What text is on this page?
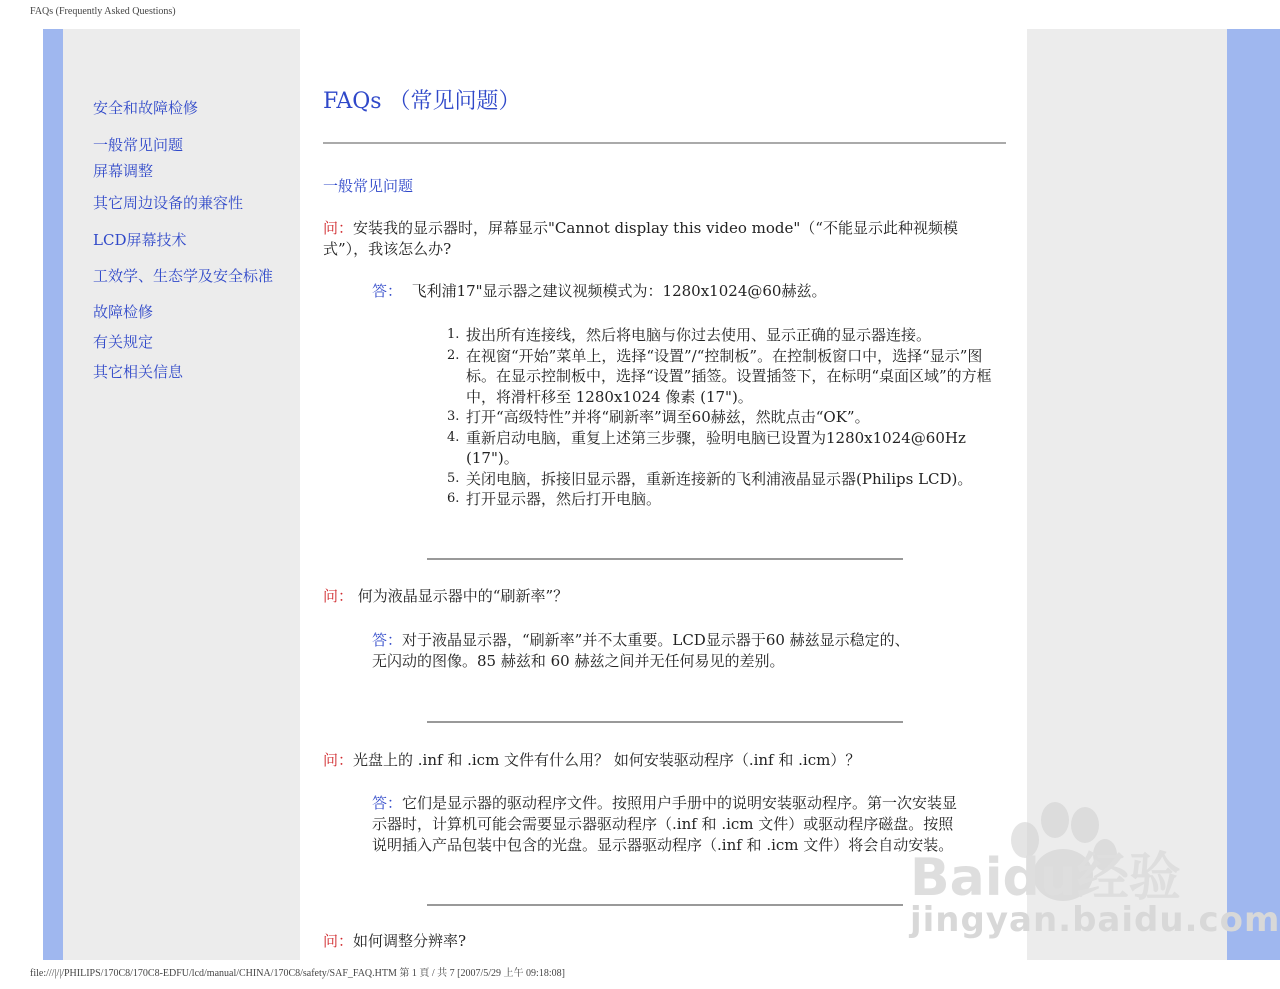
FAQs (Frequently Asked Questions)
安全和故障检修
一般常见问题
屏幕调整
其它周边设备的兼容性
LCD屏幕技术
工效学、生态学及安全标准
故障检修
有关规定
其它相关信息
FAQs （常见问题）
一般常见问题
问：安装我的显示器时，屏幕显示"Cannot display this video mode"（“不能显示此种视频模式”），我该怎么办?
答： 飞利浦17"显示器之建议视频模式为：1280x1024@60赫兹。
1. 拔出所有连接线，然后将电脑与你过去使用、显示正确的显示器连接。
2. 在视窗“开始”菜单上，选择“设置”/“控制板”。在控制板窗口中，选择“显示”图标。在显示控制板中，选择“设置”插签。设置插签下，在标明“桌面区域”的方框中，将滑杆移至 1280x1024 像素 (17")。
3. 打开“高级特性”并将“刷新率”调至60赫兹，然眈点击“OK”。
4. 重新启动电脑，重复上述第三步骤，验明电脑已设置为1280x1024@60Hz (17")。
5. 关闭电脑，拆接旧显示器，重新连接新的飞利浦液晶显示器(Philips LCD)。
6. 打开显示器，然后打开电脑。
问： 何为液晶显示器中的“刷新率”？
答：对于液晶显示器，“刷新率”并不太重要。LCD显示器于60 赫兹显示稳定的、
无闪动的图像。85 赫兹和 60 赫兹之间并无任何易见的差别。
问：光盘上的 .inf 和 .icm 文件有什么用？ 如何安装驱动程序（.inf 和 .icm）？
答：它们是显示器的驱动程序文件。按照用户手册中的说明安装驱动程序。第一次安装显示器时，计算机可能会需要显示器驱动程序（.inf 和 .icm 文件）或驱动程序磁盘。按照说明插入产品包装中包含的光盘。显示器驱动程序（.inf 和 .icm 文件）将会自动安装。
问：如何调整分辨率?
Baidu经验
jingyan.baidu.com
file:///|/|/PHILIPS/170C8/170C8-EDFU/lcd/manual/CHINA/170C8/safety/SAF_FAQ.HTM 第 1 頁 / 共 7 [2007/5/29 上午 09:18:08]
